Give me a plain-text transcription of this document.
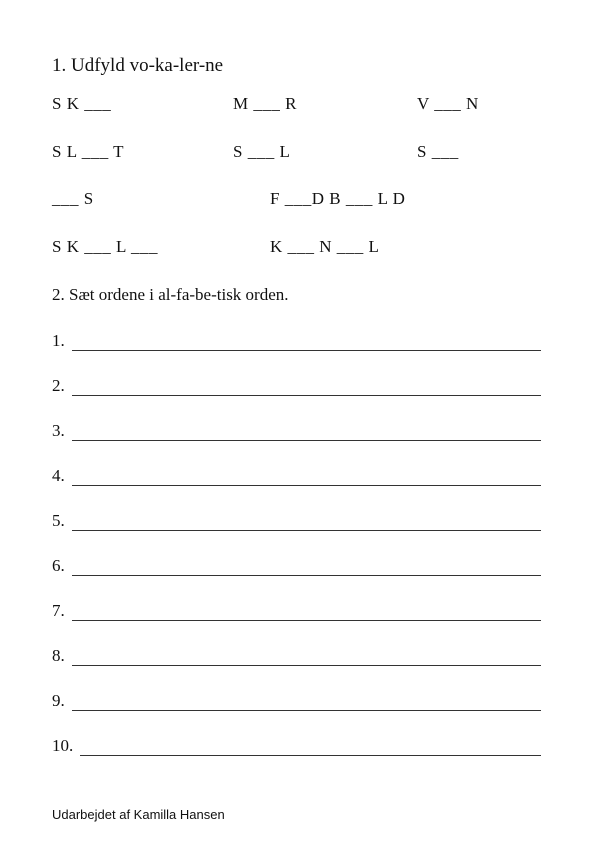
1. Udfyld vo-ka-ler-ne
S K ___	M ___ R	V ___ N
S L ___ T	S ___ L	S ___
___ S	F ___D B ___ L D
S K ___ L ___	K ___ N ___ L
2. Sæt ordene i al-fa-be-tisk orden.
1.
2.
3.
4.
5.
6.
7.
8.
9.
10.
Udarbejdet af Kamilla Hansen
